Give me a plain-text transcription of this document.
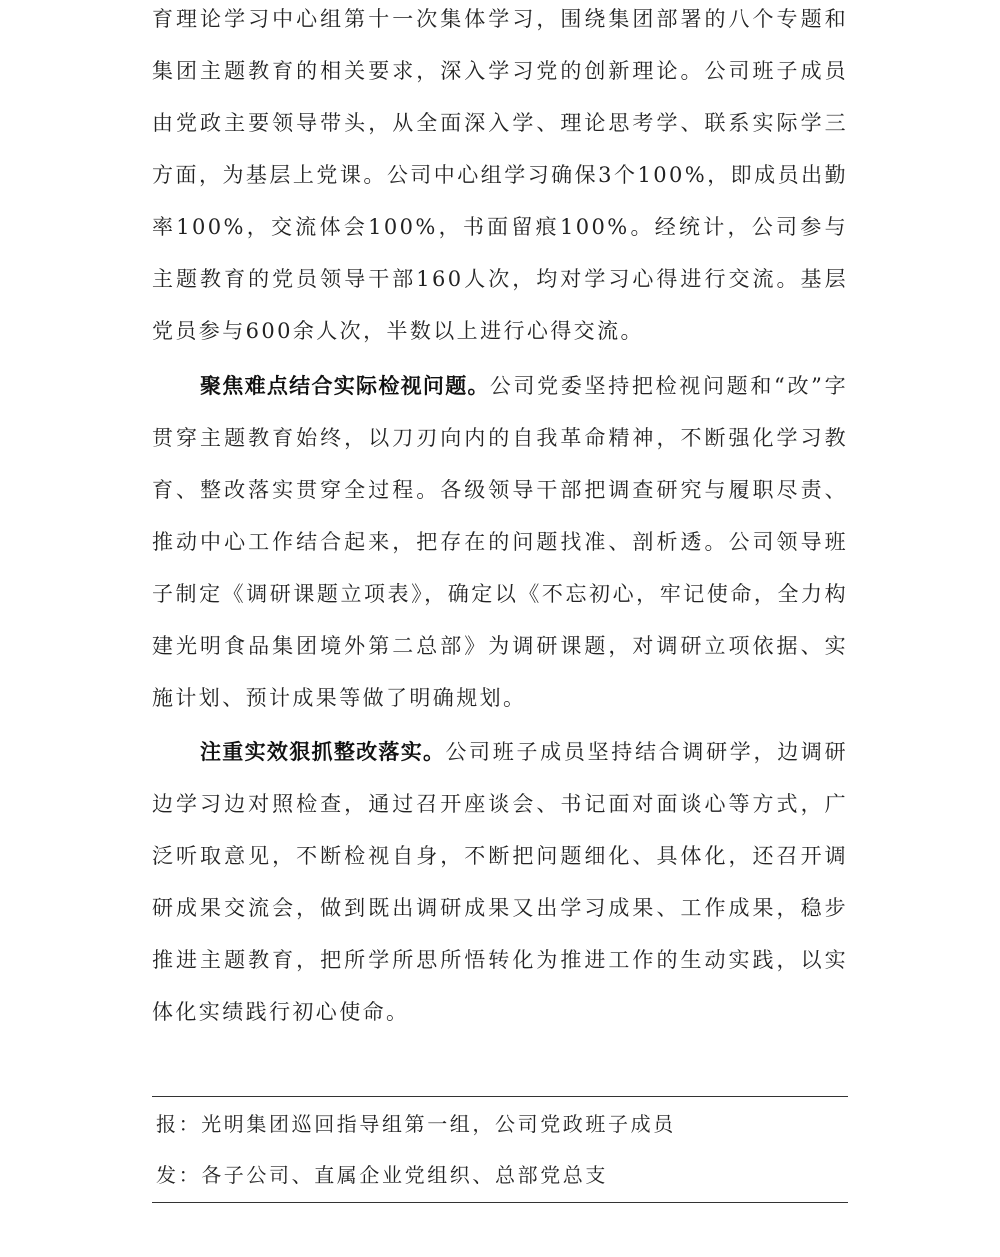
育理论学习中心组第十一次集体学习，围绕集团部署的八个专题和集团主题教育的相关要求，深入学习党的创新理论。公司班子成员由党政主要领导带头，从全面深入学、理论思考学、联系实际学三方面，为基层上党课。公司中心组学习确保3个100%，即成员出勤率100%，交流体会100%，书面留痕100%。经统计，公司参与主题教育的党员领导干部160人次，均对学习心得进行交流。基层党员参与600余人次，半数以上进行心得交流。

聚焦难点结合实际检视问题。公司党委坚持把检视问题和“改”字贯穿主题教育始终，以刀刃向内的自我革命精神，不断强化学习教育、整改落实贯穿全过程。各级领导干部把调查研究与履职尽责、推动中心工作结合起来，把存在的问题找准、剖析透。公司领导班子制定《调研课题立项表》，确定以《不忘初心，牢记使命，全力构建光明食品集团境外第二总部》为调研课题，对调研立项依据、实施计划、预计成果等做了明确规划。

注重实效狠抓整改落实。公司班子成员坚持结合调研学，边调研边学习边对照检查，通过召开座谈会、书记面对面谈心等方式，广泛听取意见，不断检视自身，不断把问题细化、具体化，还召开调研成果交流会，做到既出调研成果又出学习成果、工作成果，稳步推进主题教育，把所学所思所悟转化为推进工作的生动实践，以实体化实绩践行初心使命。

报：光明集团巡回指导组第一组，公司党政班子成员
发：各子公司、直属企业党组织、总部党总支
